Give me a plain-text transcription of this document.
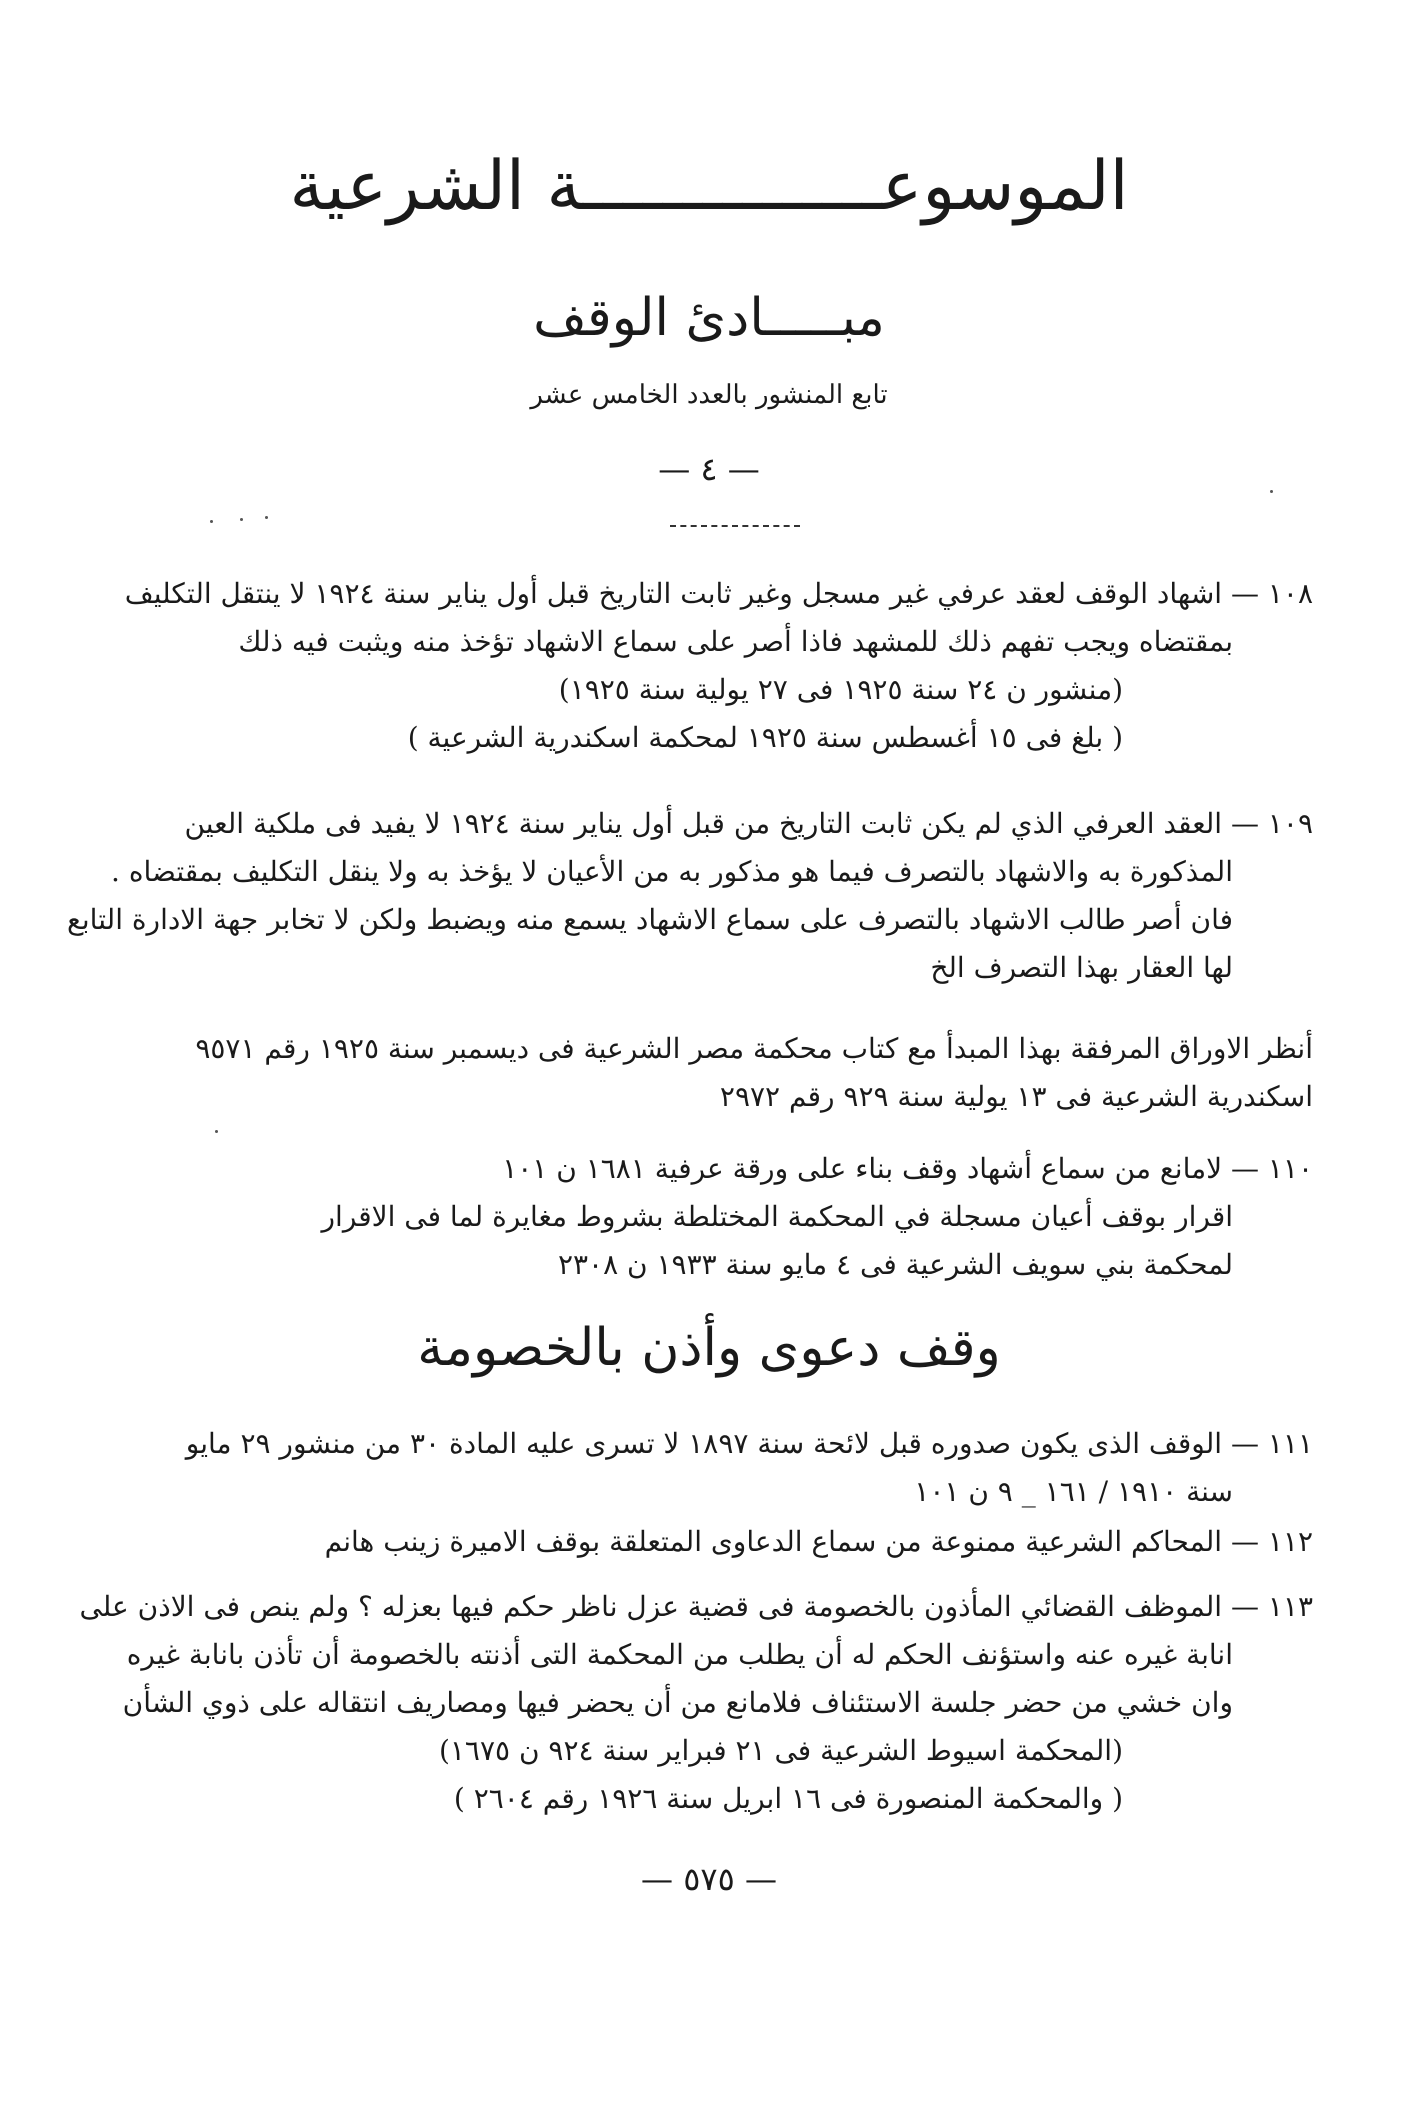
الموسوعـــــــــــــــة الشرعية
مبـــــادئ الوقف
تابع المنشور بالعدد الخامس عشر
— ٤ —
١٠٨ — اشهاد الوقف لعقد عرفي غير مسجل وغير ثابت التاريخ قبل أول يناير سنة ١٩٢٤ لا ينتقل التكليف
بمقتضاه ويجب تفهم ذلك للمشهد فاذا أصر على سماع الاشهاد تؤخذ منه ويثبت فيه ذلك
(منشور ن ٢٤ سنة ١٩٢٥ فى ٢٧ يولية سنة ١٩٢٥)
( بلغ فى ١٥ أغسطس سنة ١٩٢٥ لمحكمة اسكندرية الشرعية )
١٠٩ — العقد العرفي الذي لم يكن ثابت التاريخ من قبل أول يناير سنة ١٩٢٤ لا يفيد فى ملكية العين
المذكورة به والاشهاد بالتصرف فيما هو مذكور به من الأعيان لا يؤخذ به ولا ينقل التكليف بمقتضاه .
فان أصر طالب الاشهاد بالتصرف على سماع الاشهاد يسمع منه ويضبط ولكن لا تخابر جهة الادارة التابع
لها العقار بهذا التصرف الخ
أنظر الاوراق المرفقة بهذا المبدأ مع كتاب محكمة مصر الشرعية فى ديسمبر سنة ١٩٢٥ رقم ٩٥٧١
اسكندرية الشرعية فى ١٣ يولية سنة ٩٢٩ رقم ٢٩٧٢
١١٠ — لامانع من سماع أشهاد وقف بناء على ورقة عرفية ١٦٨١ ن ١٠١
اقرار بوقف أعيان مسجلة في المحكمة المختلطة بشروط مغايرة لما فى الاقرار
لمحكمة بني سويف الشرعية فى ٤ مايو سنة ١٩٣٣ ن ٢٣٠٨
وقف دعوى وأذن بالخصومة
١١١ — الوقف الذى يكون صدوره قبل لائحة سنة ١٨٩٧ لا تسرى عليه المادة ٣٠ من منشور ٢٩ مايو
سنة ١٩١٠ / ١٦١ _ ٩ ن ١٠١
١١٢ — المحاكم الشرعية ممنوعة من سماع الدعاوى المتعلقة بوقف الاميرة زينب هانم
١١٣ — الموظف القضائي المأذون بالخصومة فى قضية عزل ناظر حكم فيها بعزله ؟ ولم ينص فى الاذن على
انابة غيره عنه واستؤنف الحكم له أن يطلب من المحكمة التى أذنته بالخصومة أن تأذن بانابة غيره
وان خشي من حضر جلسة الاستئناف فلامانع من أن يحضر فيها ومصاريف انتقاله على ذوي الشأن
(المحكمة اسيوط الشرعية فى ٢١ فبراير سنة ٩٢٤ ن ١٦٧٥)
( والمحكمة المنصورة فى ١٦ ابريل سنة ١٩٢٦ رقم ٢٦٠٤ )
— ٥٧٥ —
